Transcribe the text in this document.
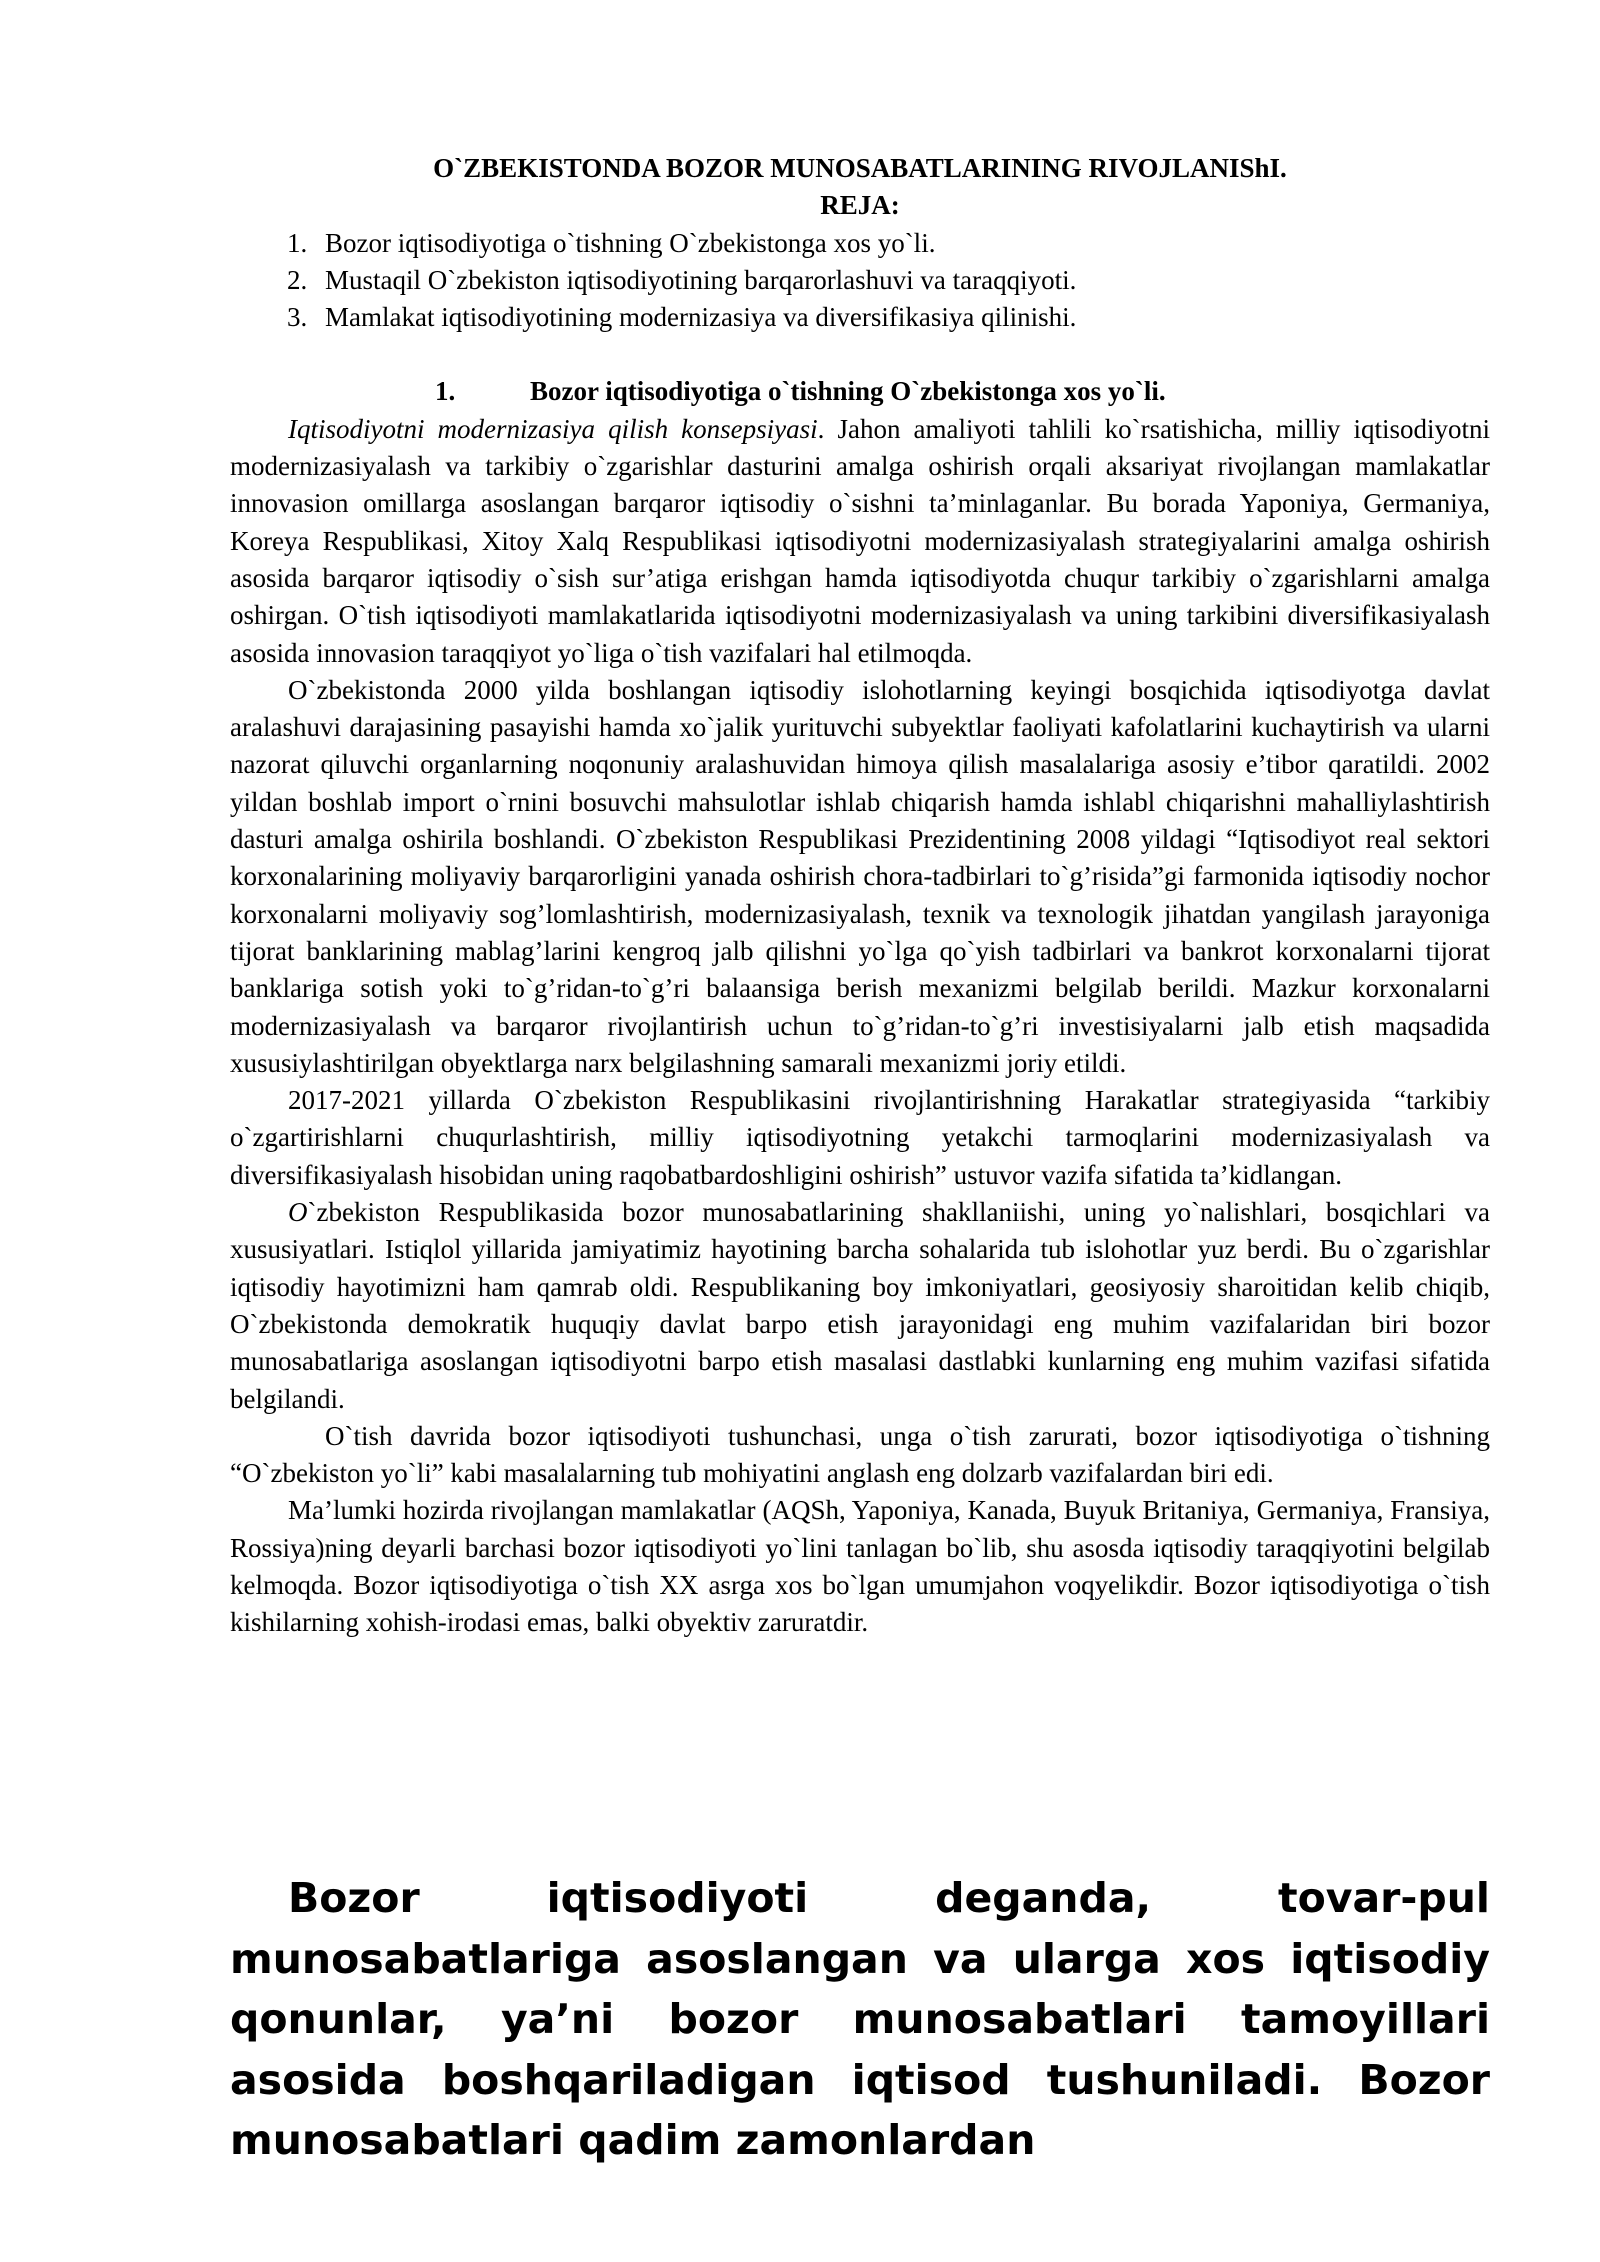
O`ZBEKISTONDA BOZOR MUNOSABATLARINING RIVOJLANIShI.
REJA:
1. Bozor iqtisodiyotiga o`tishning O`zbekistonga xos yo`li.
2. Mustaqil O`zbekiston iqtisodiyotining barqarorlashuvi va taraqqiyoti.
3. Mamlakat iqtisodiyotining modernizasiya va diversifikasiya qilinishi.
1.	Bozor iqtisodiyotiga o`tishning O`zbekistonga xos yo`li.

Iqtisodiyotni modernizasiya qilish konsepsiyasi. Jahon amaliyoti tahlili ko`rsatishicha, milliy iqtisodiyotni modernizasiyalash va tarkibiy o`zgarishlar dasturini amalga oshirish orqali aksariyat rivojlangan mamlakatlar innovasion omillarga asoslangan barqaror iqtisodiy o`sishni ta’minlaganlar. Bu borada Yaponiya, Germaniya, Koreya Respublikasi, Xitoy Xalq Respublikasi iqtisodiyotni modernizasiyalash strategiyalarini amalga oshirish asosida barqaror iqtisodiy o`sish sur’atiga erishgan hamda iqtisodiyotda chuqur tarkibiy o`zgarishlarni amalga oshirgan. O`tish iqtisodiyoti mamlakatlarida iqtisodiyotni modernizasiyalash va uning tarkibini diversifikasiyalash asosida innovasion taraqqiyot yo`liga o`tish vazifalari hal etilmoqda.

O`zbekistonda 2000 yilda boshlangan iqtisodiy islohotlarning keyingi bosqichida iqtisodiyotga davlat aralashuvi darajasining pasayishi hamda xo`jalik yurituvchi subyektlar faoliyati kafolatlarini kuchaytirish va ularni nazorat qiluvchi organlarning noqonuniy aralashuvidan himoya qilish masalalariga asosiy e’tibor qaratildi. 2002 yildan boshlab import o`rnini bosuvchi mahsulotlar ishlab chiqarish hamda ishlabl chiqarishni mahalliylashtirish dasturi amalga oshirila boshlandi. O`zbekiston Respublikasi Prezidentining 2008 yildagi “Iqtisodiyot real sektori korxonalarining moliyaviy barqarorligini yanada oshirish chora-tadbirlari to`g’risida”gi farmonida iqtisodiy nochor korxonalarni moliyaviy sog’lomlashtirish, modernizasiyalash, texnik va texnologik jihatdan yangilash jarayoniga tijorat banklarining mablag’larini kengroq jalb qilishni yo`lga qo`yish tadbirlari va bankrot korxonalarni tijorat banklariga sotish yoki to`g’ridan-to`g’ri balaansiga berish mexanizmi belgilab berildi. Mazkur korxonalarni modernizasiyalash va barqaror rivojlantirish uchun to`g’ridan-to`g’ri investisiyalarni jalb etish maqsadida xususiylashtirilgan obyektlarga narx belgilashning samarali mexanizmi joriy etildi.

2017-2021 yillarda O`zbekiston Respublikasini rivojlantirishning Harakatlar strategiyasida “tarkibiy o`zgartirishlarni chuqurlashtirish, milliy iqtisodiyotning yetakchi tarmoqlarini modernizasiyalash va diversifikasiyalash hisobidan uning raqobatbardoshligini oshirish” ustuvor vazifa sifatida ta’kidlangan.

O`zbekiston Respublikasida bozor munosabatlarining shakllaniishi, uning yo`nalishlari, bosqichlari va xususiyatlari. Istiqlol yillarida jamiyatimiz hayotining barcha sohalarida tub islohotlar yuz berdi. Bu o`zgarishlar iqtisodiy hayotimizni ham qamrab oldi. Respublikaning boy imkoniyatlari, geosiyosiy sharoitidan kelib chiqib, O`zbekistonda demokratik huquqiy davlat barpo etish jarayonidagi eng muhim vazifalaridan biri bozor munosabatlariga asoslangan iqtisodiyotni barpo etish masalasi dastlabki kunlarning eng muhim vazifasi sifatida belgilandi.

O`tish davrida bozor iqtisodiyoti tushunchasi, unga o`tish zarurati, bozor iqtisodiyotiga o`tishning “O`zbekiston yo`li” kabi masalalarning tub mohiyatini anglash eng dolzarb vazifalardan biri edi.

Ma’lumki hozirda rivojlangan mamlakatlar (AQSh, Yaponiya, Kanada, Buyuk Britaniya, Germaniya, Fransiya, Rossiya)ning deyarli barchasi bozor iqtisodiyoti yo`lini tanlagan bo`lib, shu asosda iqtisodiy taraqqiyotini belgilab kelmoqda. Bozor iqtisodiyotiga o`tish XX asrga xos bo`lgan umumjahon voqyelikdir. Bozor iqtisodiyotiga o`tish kishilarning xohish-irodasi emas, balki obyektiv zaruratdir.

Bozor iqtisodiyoti deganda, tovar-pul munosabatlariga asoslangan va ularga xos iqtisodiy qonunlar, ya’ni bozor munosabatlari tamoyillari asosida boshqariladigan iqtisod tushuniladi. Bozor munosabatlari qadim zamonlardan
